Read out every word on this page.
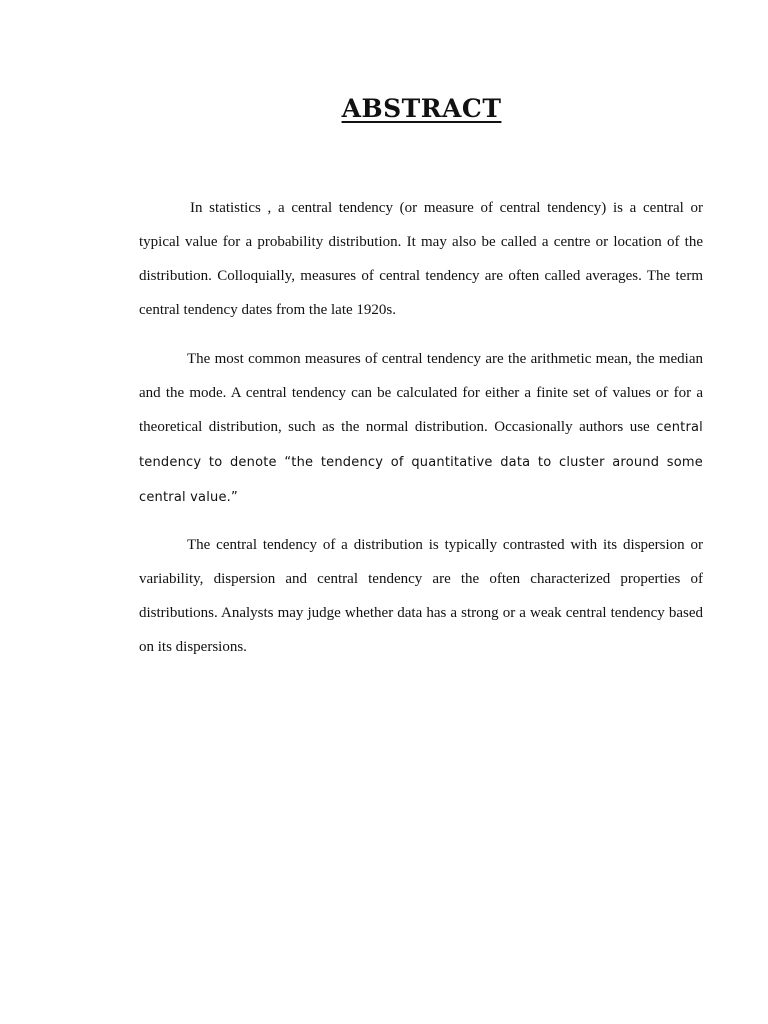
ABSTRACT

In statistics , a central tendency (or measure of central tendency) is a central or typical value for a probability distribution. It may also be called a centre or location of the distribution. Colloquially, measures of central tendency are often called averages. The term central tendency dates from the late 1920s.

The most common measures of central tendency are the arithmetic mean, the median and the mode. A central tendency can be calculated for either a finite set of values or for a theoretical distribution, such as the normal distribution. Occasionally authors use central tendency to denote “the tendency of quantitative data to cluster around some central value.”

The central tendency of a distribution is typically contrasted with its dispersion or variability, dispersion and central tendency are the often characterized properties of distributions. Analysts may judge whether data has a strong or a weak central tendency based on its dispersions.
